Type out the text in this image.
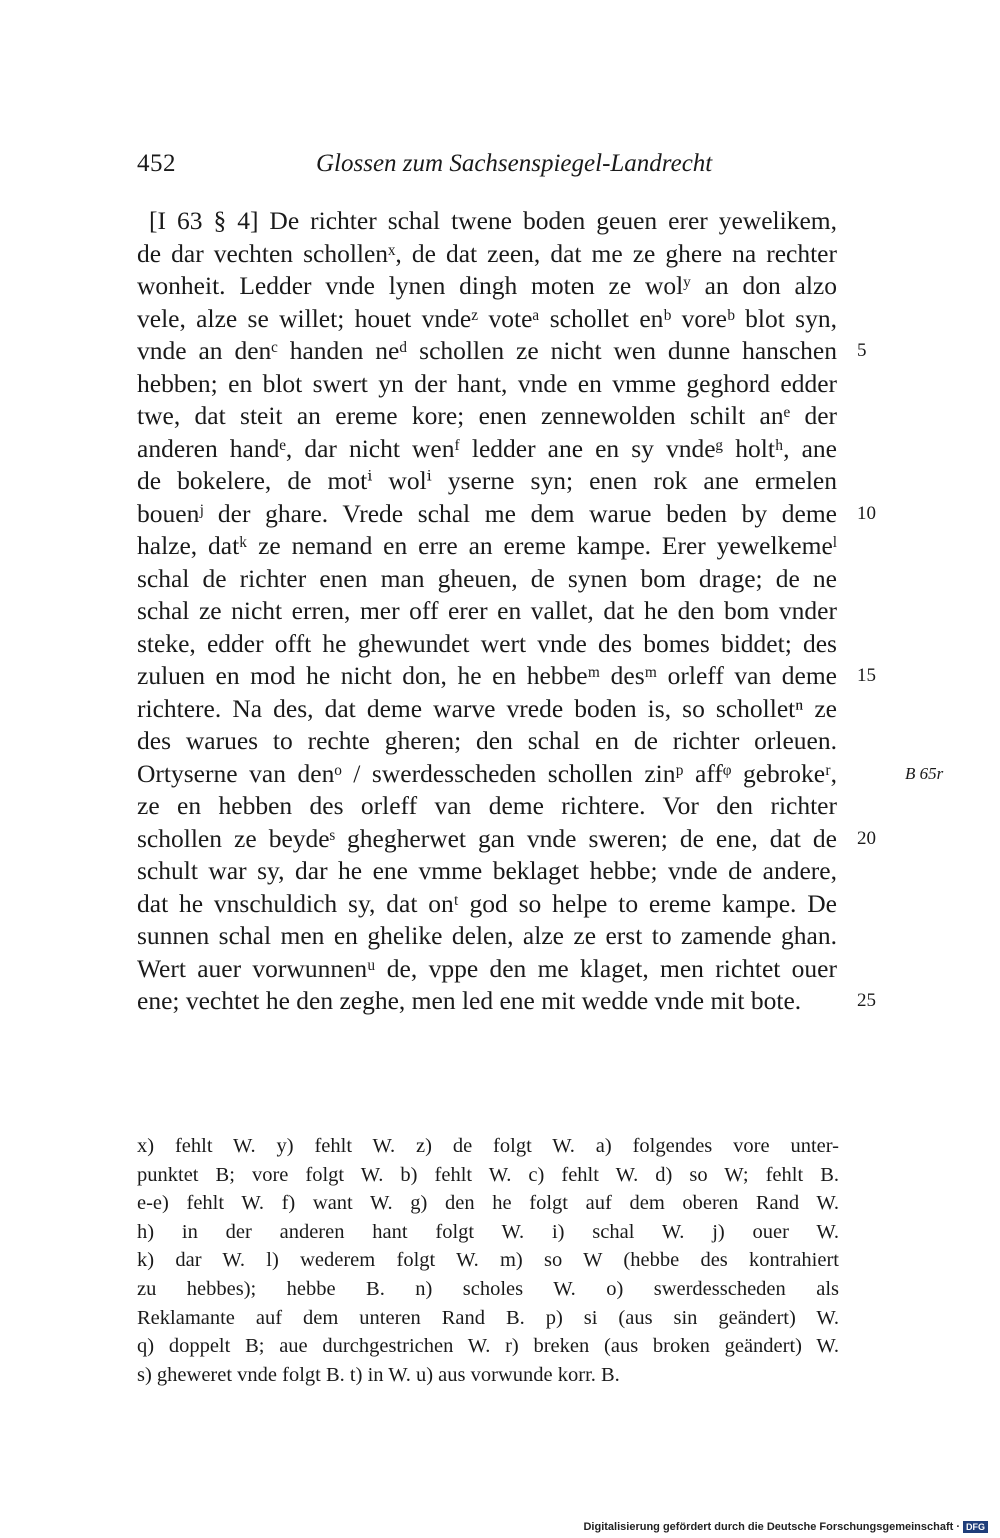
452	Glossen zum Sachsenspiegel-Landrecht
[I 63 § 4] De richter schal twene boden geuen erer yewelikem,
de dar vechten schollenˣ, de dat zeen, dat me ze ghere na rechter
wonheit. Ledder vnde lynen dingh moten ze wolʸ an don alzo
vele, alze se willet; houet vndeᶻ voteᵃ schollet enᵇ voreᵇ blot syn,
vnde an denᶜ handen neᵈ schollen ze nicht wen dunne hanschen
hebben; en blot swert yn der hant, vnde en vmme geghord edder
twe, dat steit an ereme kore; enen zennewolden schilt anᵉ der
anderen handᵉ, dar nicht wenᶠ ledder ane en sy vndeᵍ holtʰ, ane
de bokelere, de motⁱ wolⁱ yserne syn; enen rok ane ermelen
bouenʲ der ghare. Vrede schal me dem warue beden by deme
halze, datᵏ ze nemand en erre an ereme kampe. Erer yewelkemeˡ
schal de richter enen man gheuen, de synen bom drage; de ne
schal ze nicht erren, mer off erer en vallet, dat he den bom vnder
steke, edder offt he ghewundet wert vnde des bomes biddet; des
zuluen en mod he nicht don, he en hebbeᵐ desᵐ orleff van deme
richtere. Na des, dat deme warve vrede boden is, so scholletⁿ ze
des warues to rechte gheren; den schal en de richter orleuen.
Ortyserne van denᵒ / swerdesscheden schollen zinᵖ affᵠ gebrokeʳ,
ze en hebben des orleff van deme richtere. Vor den richter
schollen ze beydeˢ ghegherwet gan vnde sweren; de ene, dat de
schult war sy, dar he ene vmme beklaget hebbe; vnde de andere,
dat he vnschuldich sy, dat onᵗ god so helpe to ereme kampe. De
sunnen schal men en ghelike delen, alze ze erst to zamende ghan.
Wert auer vorwunnenᵘ de, vppe den me klaget, men richtet ouer
ene; vechtet he den zeghe, men led ene mit wedde vnde mit bote.
5
10
15
20
25
B 65r
x) fehlt W. y) fehlt W. z) de folgt W. a) folgendes vore unter-
punktet B; vore folgt W. b) fehlt W. c) fehlt W. d) so W; fehlt B.
e-e) fehlt W. f) want W. g) den he folgt auf dem oberen Rand W.
h) in der anderen hant folgt W. i) schal W. j) ouer W.
k) dar W. l) wederem folgt W. m) so W (hebbe des kontrahiert
zu hebbes); hebbe B. n) scholes W. o) swerdesscheden als
Reklamante auf dem unteren Rand B. p) si (aus sin geändert) W.
q) doppelt B; aue durchgestrichen W. r) breken (aus broken geändert) W.
s) gheweret vnde folgt B. t) in W. u) aus vorwunde korr. B.
Digitalisierung gefördert durch die Deutsche Forschungsgemeinschaft · DFG
